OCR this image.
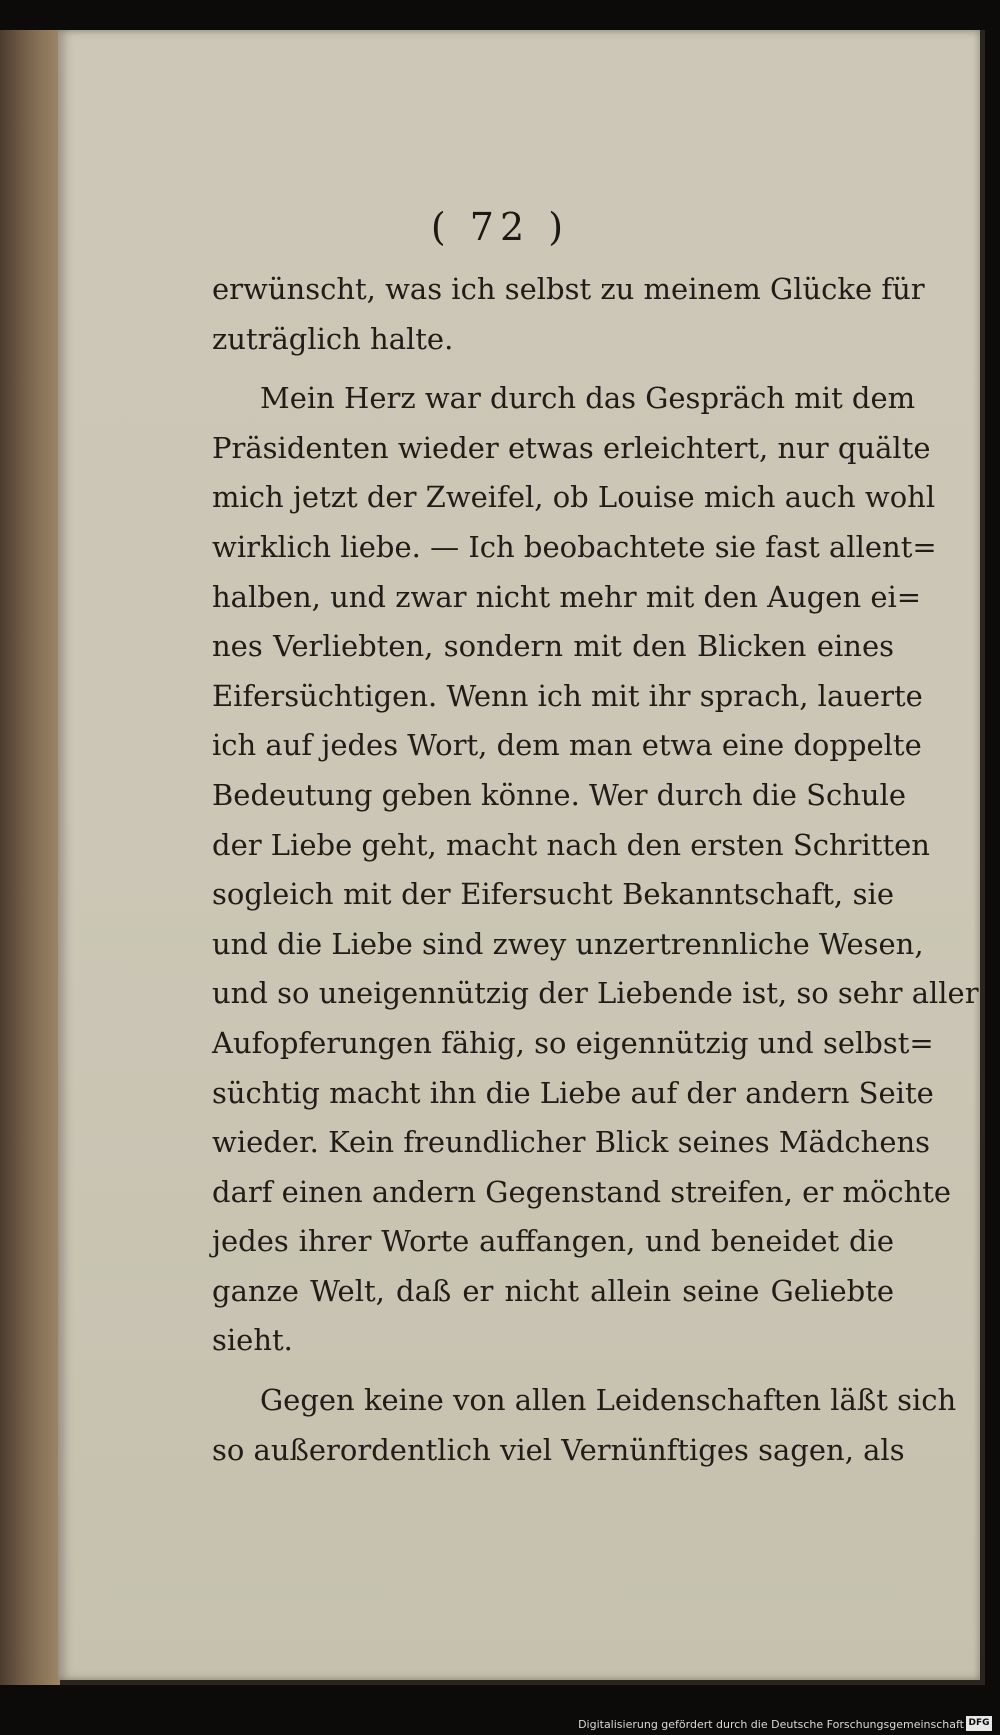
( 72 )
erwünscht, was ich selbst zu meinem Glücke für
zuträglich halte.
Mein Herz war durch das Gespräch mit dem
Präsidenten wieder etwas erleichtert, nur quälte
mich jetzt der Zweifel, ob Louise mich auch wohl
wirklich liebe. — Ich beobachtete sie fast allent=
halben, und zwar nicht mehr mit den Augen ei=
nes Verliebten, sondern mit den Blicken eines
Eifersüchtigen. Wenn ich mit ihr sprach, lauerte
ich auf jedes Wort, dem man etwa eine doppelte
Bedeutung geben könne. Wer durch die Schule
der Liebe geht, macht nach den ersten Schritten
sogleich mit der Eifersucht Bekanntschaft, sie
und die Liebe sind zwey unzertrennliche Wesen,
und so uneigennützig der Liebende ist, so sehr aller
Aufopferungen fähig, so eigennützig und selbst=
süchtig macht ihn die Liebe auf der andern Seite
wieder. Kein freundlicher Blick seines Mädchens
darf einen andern Gegenstand streifen, er möchte
jedes ihrer Worte auffangen, und beneidet die
ganze Welt, daß er nicht allein seine Geliebte
sieht.
Gegen keine von allen Leidenschaften läßt sich
so außerordentlich viel Vernünftiges sagen, als
Digitalisierung gefördert durch die Deutsche Forschungsgemeinschaft DFG
